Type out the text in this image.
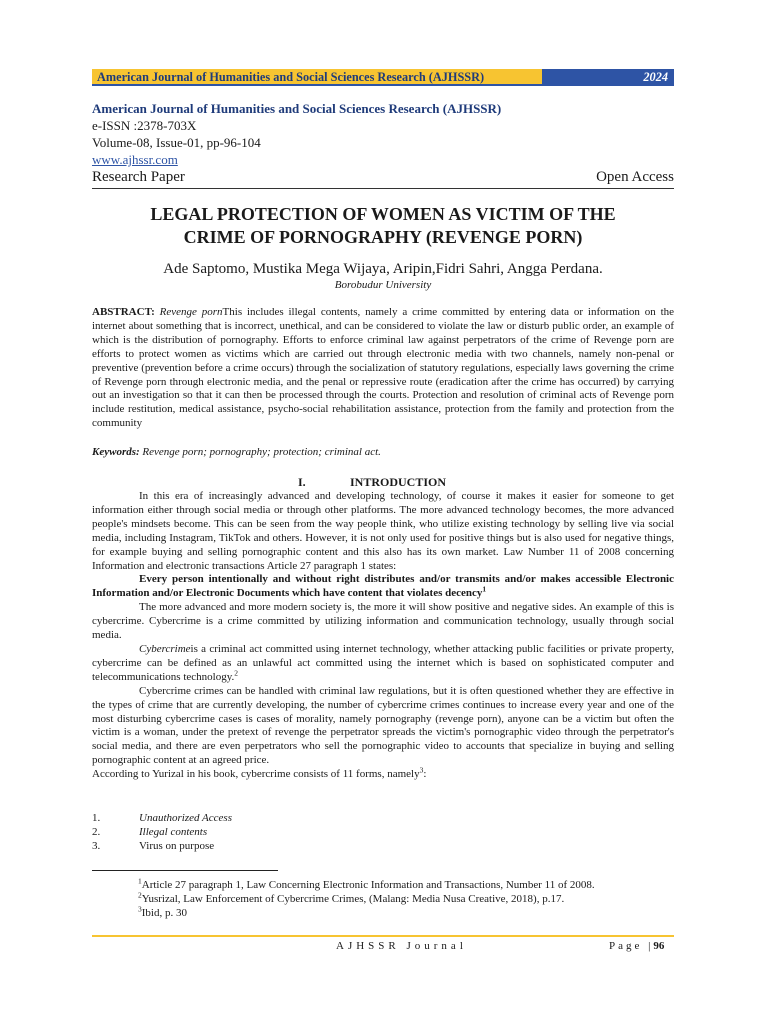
American Journal of Humanities and Social Sciences Research (AJHSSR)	2024
American Journal of Humanities and Social Sciences Research (AJHSSR)
e-ISSN :2378-703X
Volume-08, Issue-01, pp-96-104
www.ajhssr.com
Research Paper	Open Access
LEGAL PROTECTION OF WOMEN AS VICTIM OF THE
CRIME OF PORNOGRAPHY (REVENGE PORN)
Ade Saptomo, Mustika Mega Wijaya, Aripin,Fidri Sahri, Angga Perdana.
Borobudur University
ABSTRACT: Revenge pornThis includes illegal contents, namely a crime committed by entering data or information on the internet about something that is incorrect, unethical, and can be considered to violate the law or disturb public order, an example of which is the distribution of pornography. Efforts to enforce criminal law against perpetrators of the crime of Revenge porn are efforts to protect women as victims which are carried out through electronic media with two channels, namely non-penal or preventive (prevention before a crime occurs) through the socialization of statutory regulations, especially laws governing the crime of Revenge porn through electronic media, and the penal or repressive route (eradication after the crime has occurred) by carrying out an investigation so that it can then be processed through the courts. Protection and resolution of criminal acts of Revenge porn include restitution, medical assistance, psycho-social rehabilitation assistance, protection from the family and protection from the community
Keywords: Revenge porn; pornography; protection; criminal act.
I.	INTRODUCTION

In this era of increasingly advanced and developing technology, of course it makes it easier for someone to get information either through social media or through other platforms. The more advanced technology becomes, the more advanced people's mindsets become. This can be seen from the way people think, who utilize existing technology by selling live via social media, including Instagram, TikTok and others. However, it is not only used for positive things but is also used for negative things, for example buying and selling pornographic content and this also has its own market. Law Number 11 of 2008 concerning Information and electronic transactions Article 27 paragraph 1 states:

Every person intentionally and without right distributes and/or transmits and/or makes accessible Electronic Information and/or Electronic Documents which have content that violates decency$^1$

The more advanced and more modern society is, the more it will show positive and negative sides. An example of this is cybercrime. Cybercrime is a crime committed by utilizing information and communication technology, usually through social media.

Cybercrimeis a criminal act committed using internet technology, whether attacking public facilities or private property, cybercrime can be defined as an unlawful act committed using the internet which is based on sophisticated computer and telecommunications technology.$^2$

Cybercrime crimes can be handled with criminal law regulations, but it is often questioned whether they are effective in the types of crime that are currently developing, the number of cybercrime crimes continues to increase every year and one of the most disturbing cybercrime cases is cases of morality, namely pornography (revenge porn), anyone can be a victim but often the victim is a woman, under the pretext of revenge the perpetrator spreads the victim's pornographic video through the perpetrator's social media, and there are even perpetrators who sell the pornographic video to accounts that specialize in buying and selling pornographic content at an agreed price.

According to Yurizal in his book, cybercrime consists of 11 forms, namely$^3$:

1.	Unauthorized Access
2.	Illegal contents
3.	Virus on purpose
$^1$Article 27 paragraph 1, Law Concerning Electronic Information and Transactions, Number 11 of 2008.
$^2$Yusrizal, Law Enforcement of Cybercrime Crimes, (Malang: Media Nusa Creative, 2018), p.17.
$^3$Ibid, p. 30
AJHSSR Journal	Page |96
